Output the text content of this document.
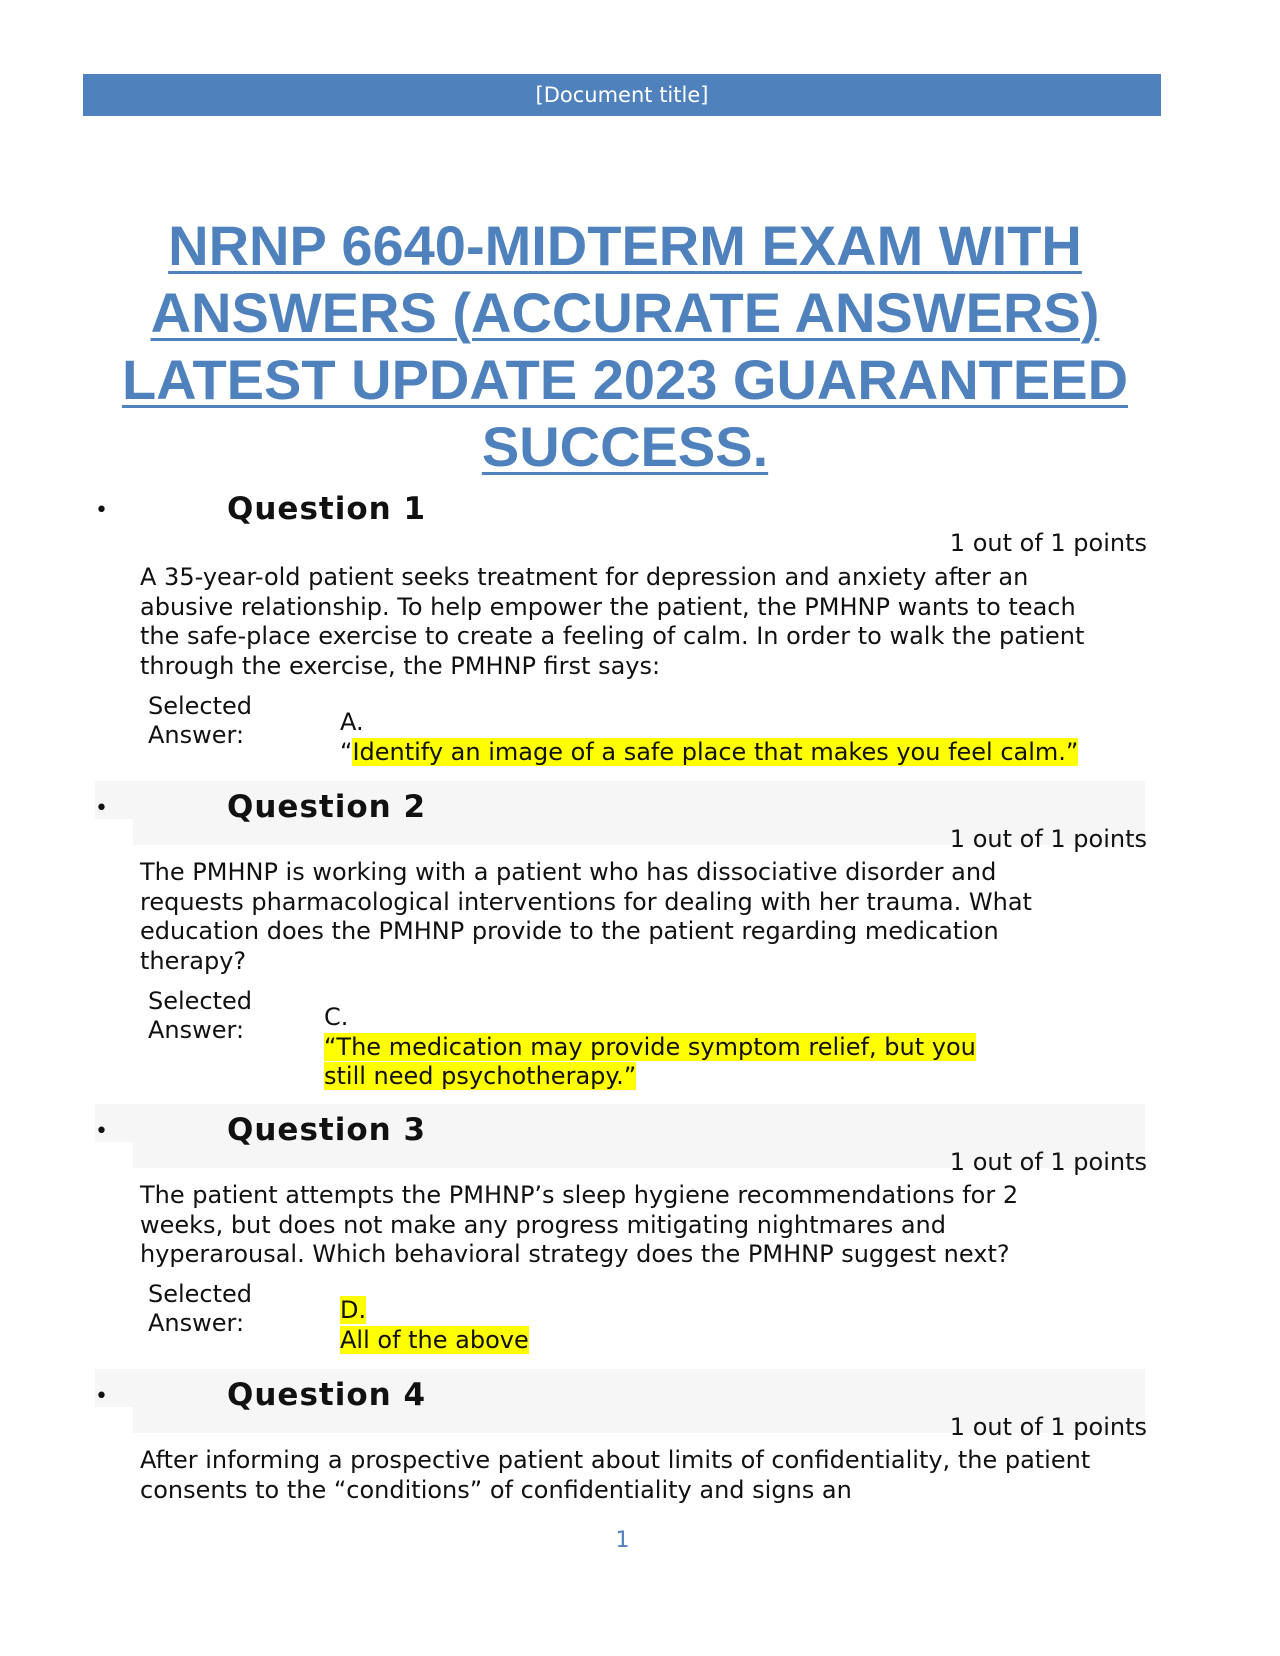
[Document title]
NRNP 6640-MIDTERM EXAM WITH ANSWERS (ACCURATE ANSWERS) LATEST UPDATE 2023 GUARANTEED SUCCESS.
•	Question 1
1 out of 1 points

A 35-year-old patient seeks treatment for depression and anxiety after an abusive relationship. To help empower the patient, the PMHNP wants to teach the safe-place exercise to create a feeling of calm. In order to walk the patient through the exercise, the PMHNP first says:

Selected Answer:	A.
“Identify an image of a safe place that makes you feel calm.”
•	Question 2
1 out of 1 points

The PMHNP is working with a patient who has dissociative disorder and requests pharmacological interventions for dealing with her trauma. What education does the PMHNP provide to the patient regarding medication therapy?

Selected Answer:	C.
“The medication may provide symptom relief, but you
still need psychotherapy.”
•	Question 3
1 out of 1 points

The patient attempts the PMHNP’s sleep hygiene recommendations for 2 weeks, but does not make any progress mitigating nightmares and hyperarousal. Which behavioral strategy does the PMHNP suggest next?

Selected Answer:	D.
All of the above
•	Question 4
1 out of 1 points

After informing a prospective patient about limits of confidentiality, the patient consents to the “conditions” of confidentiality and signs an

1
